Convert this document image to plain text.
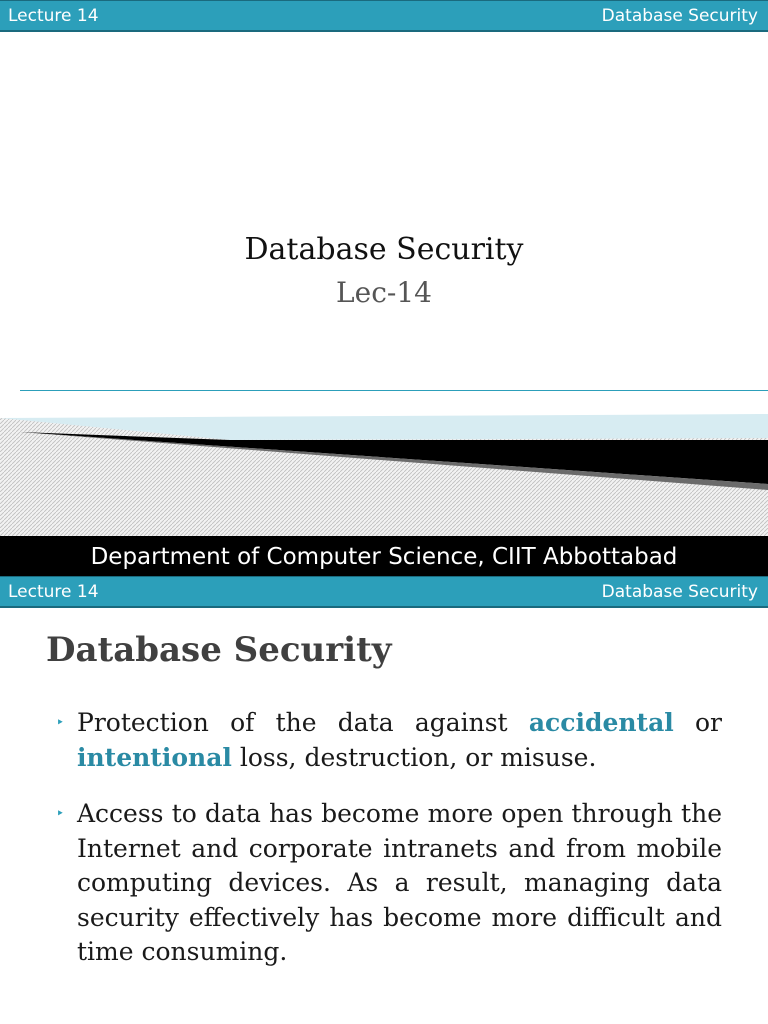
Lecture 14	Database Security
Database Security
Lec-14
Department of Computer Science, CIIT Abbottabad
Lecture 14	Database Security
Database Security
‣ Protection of the data against accidental or intentional loss, destruction, or misuse.
‣ Access to data has become more open through the Internet and corporate intranets and from mobile computing devices. As a result, managing data security effectively has become more difficult and time consuming.
